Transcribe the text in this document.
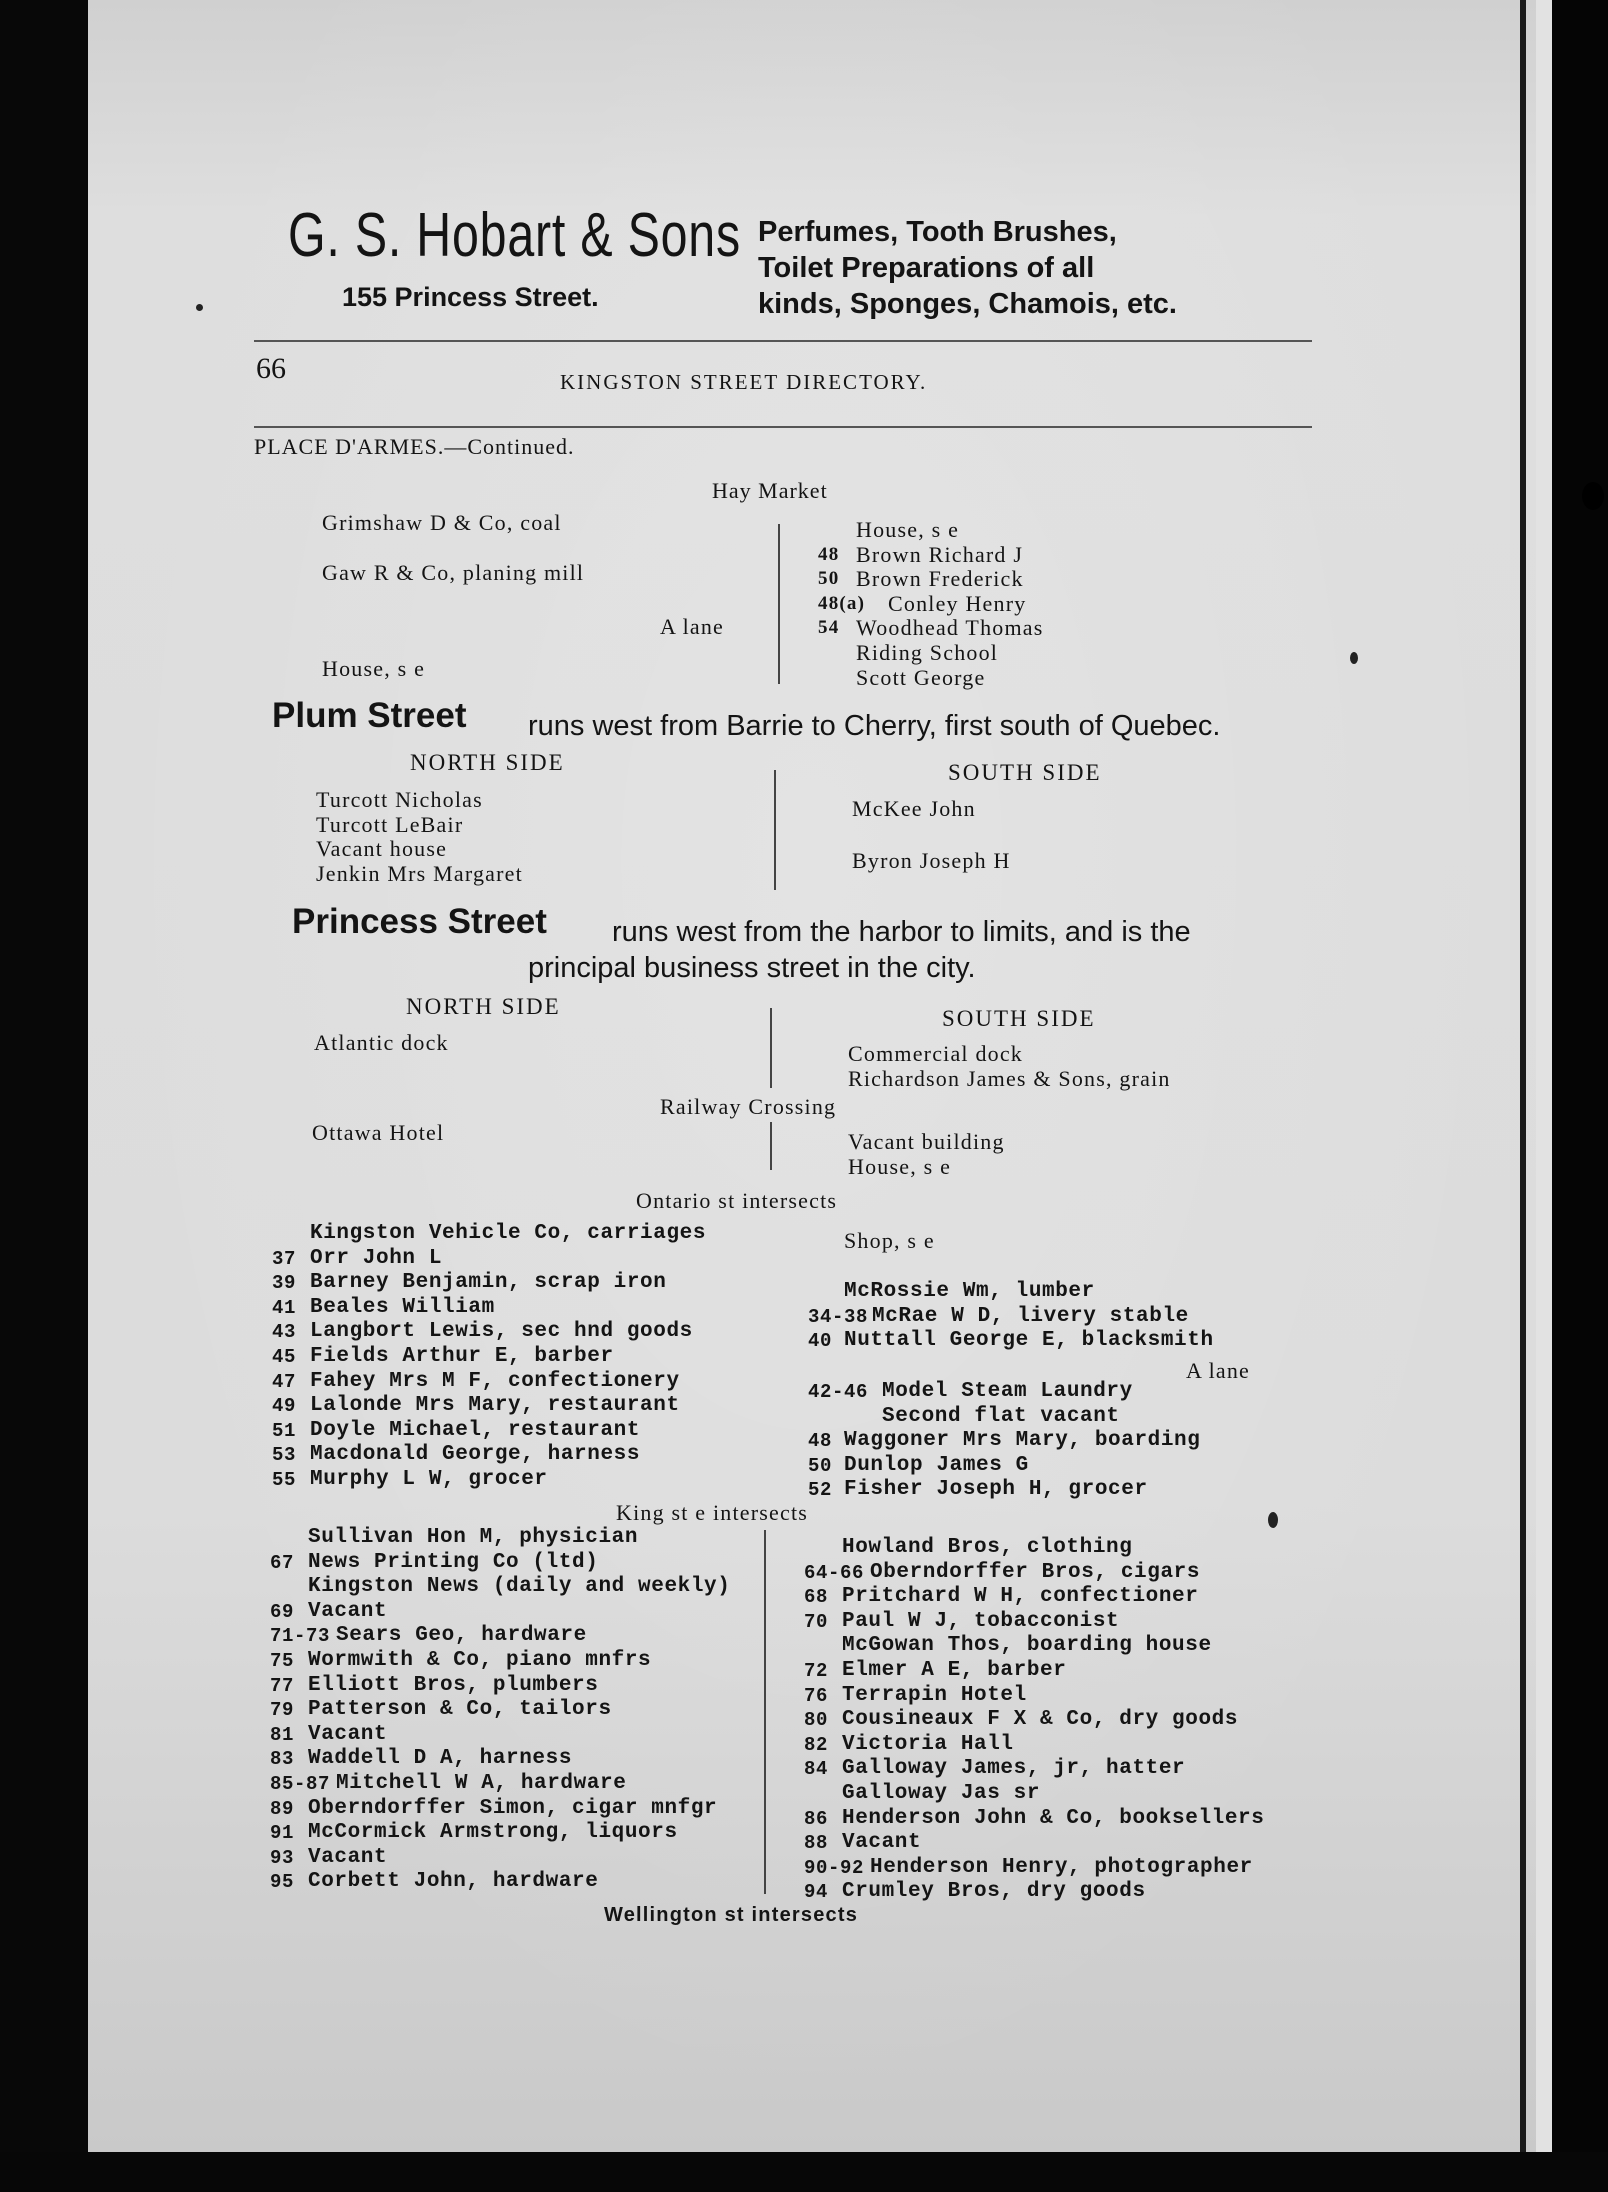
G. S. Hobart & Sons
155 Princess Street.
Perfumes, Tooth Brushes,
Toilet Preparations of all
kinds, Sponges, Chamois, etc.
66	KINGSTON STREET DIRECTORY.
PLACE D'ARMES.—Continued.
Hay Market
Grimshaw D & Co, coal
Gaw R & Co, planing mill
A lane
House, s e
House, s e
48 Brown Richard J
50 Brown Frederick
48(a)	Conley Henry
54 Woodhead Thomas
Riding School
Scott George
Plum Street runs west from Barrie to Cherry, first south of Quebec.
NORTH SIDE	SOUTH SIDE
Turcott Nicholas
Turcott LeBair
Vacant house
Jenkin Mrs Margaret
McKee John
Byron Joseph H
Princess Street runs west from the harbor to limits, and is the
principal business street in the city.
NORTH SIDE	SOUTH SIDE
Atlantic dock	Commercial dock
Richardson James & Sons, grain
Railway Crossing
Ottawa Hotel	Vacant building
House, s e
Ontario st intersects
Kingston Vehicle Co, carriages
37 Orr John L
39 Barney Benjamin, scrap iron
41 Beales William
43 Langbort Lewis, sec hnd goods
45 Fields Arthur E, barber
47 Fahey Mrs M F, confectionery
49 Lalonde Mrs Mary, restaurant
51 Doyle Michael, restaurant
53 Macdonald George, harness
55 Murphy L W, grocer
Shop, s e
McRossie Wm, lumber
34-38 McRae W D, livery stable
40 Nuttall George E, blacksmith
A lane
42-46 Model Steam Laundry
Second flat vacant
48 Waggoner Mrs Mary, boarding
50 Dunlop James G
52 Fisher Joseph H, grocer
King st e intersects
Sullivan Hon M, physician
67 News Printing Co (ltd)
Kingston News (daily and weekly)
69 Vacant
71-73 Sears Geo, hardware
75 Wormwith & Co, piano mnfrs
77 Elliott Bros, plumbers
79 Patterson & Co, tailors
81 Vacant
83 Waddell D A, harness
85-87 Mitchell W A, hardware
89 Oberndorffer Simon, cigar mnfgr
91 McCormick Armstrong, liquors
93 Vacant
95 Corbett John, hardware
Howland Bros, clothing
64-66 Oberndorffer Bros, cigars
68 Pritchard W H, confectioner
70 Paul W J, tobacconist
McGowan Thos, boarding house
72 Elmer A E, barber
76 Terrapin Hotel
80 Cousineaux F X & Co, dry goods
82 Victoria Hall
84 Galloway James, jr, hatter
Galloway Jas sr
86 Henderson John & Co, booksellers
88 Vacant
90-92 Henderson Henry, photographer
94 Crumley Bros, dry goods
Wellington st intersects
